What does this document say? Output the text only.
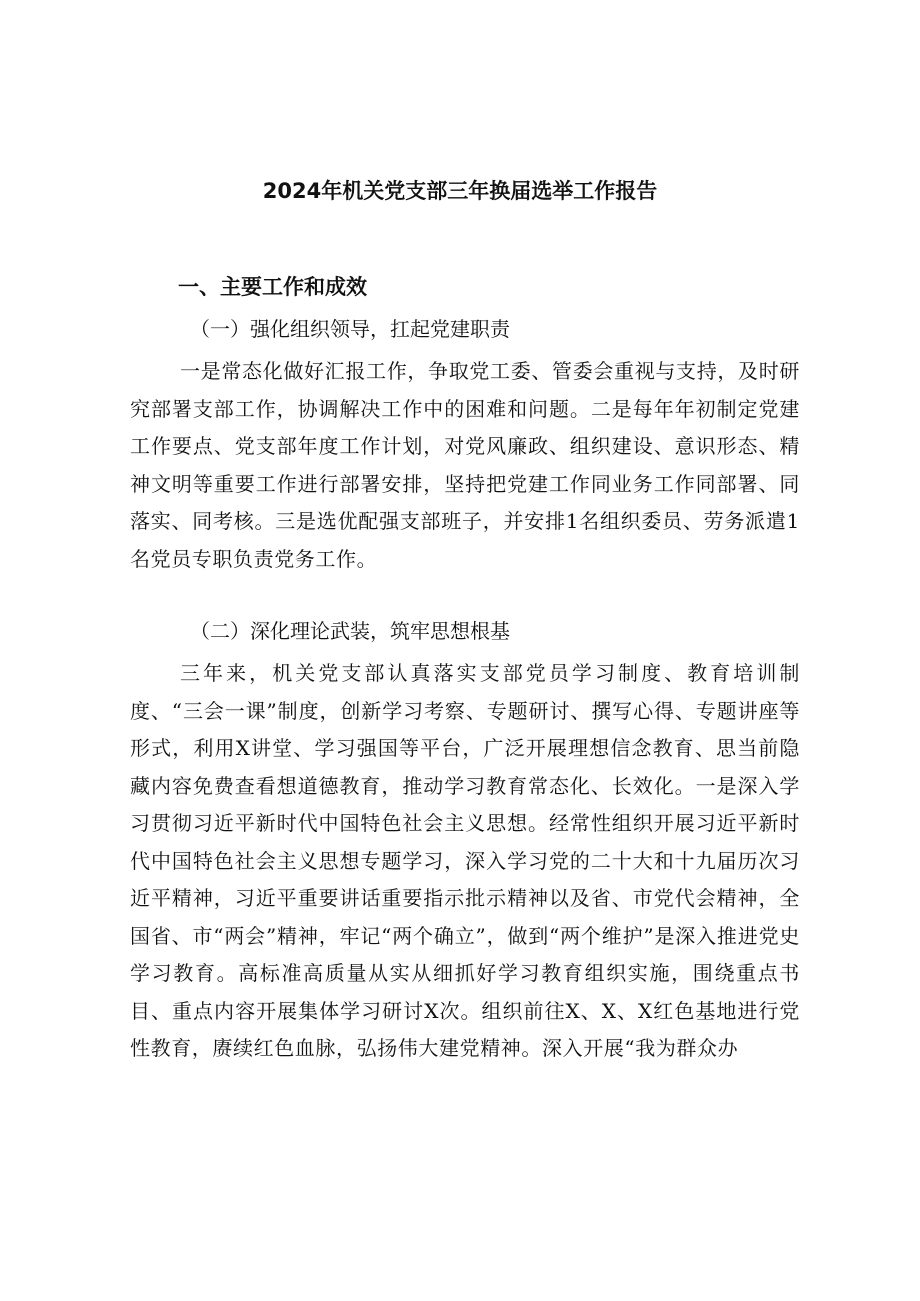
2024年机关党支部三年换届选举工作报告
一、主要工作和成效
（一）强化组织领导，扛起党建职责

一是常态化做好汇报工作，争取党工委、管委会重视与支持，及时研究部署支部工作，协调解决工作中的困难和问题。二是每年年初制定党建工作要点、党支部年度工作计划，对党风廉政、组织建设、意识形态、精神文明等重要工作进行部署安排，坚持把党建工作同业务工作同部署、同落实、同考核。三是选优配强支部班子，并安排1名组织委员、劳务派遣1名党员专职负责党务工作。

（二）深化理论武装，筑牢思想根基

三年来，机关党支部认真落实支部党员学习制度、教育培训制度、“三会一课”制度，创新学习考察、专题研讨、撰写心得、专题讲座等形式，利用X讲堂、学习强国等平台，广泛开展理想信念教育、思当前隐藏内容免费查看想道德教育，推动学习教育常态化、长效化。一是深入学习贯彻习近平新时代中国特色社会主义思想。经常性组织开展习近平新时代中国特色社会主义思想专题学习，深入学习党的二十大和十九届历次习近平精神，习近平重要讲话重要指示批示精神以及省、市党代会精神，全国省、市“两会”精神，牢记“两个确立”，做到“两个维护”是深入推进党史学习教育。高标准高质量从实从细抓好学习教育组织实施，围绕重点书目、重点内容开展集体学习研讨X次。组织前往X、X、X红色基地进行党性教育，赓续红色血脉，弘扬伟大建党精神。深入开展“我为群众办
